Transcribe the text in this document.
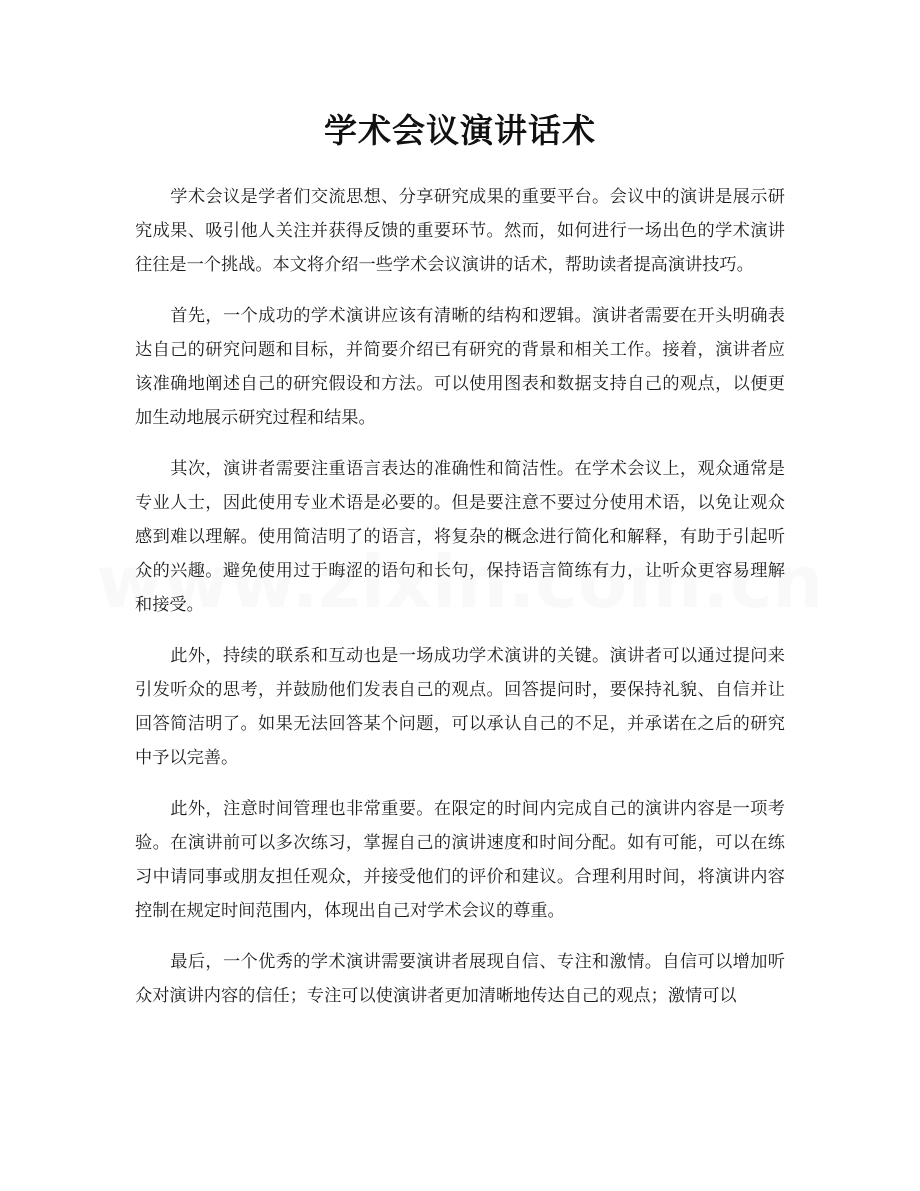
学术会议演讲话术

学术会议是学者们交流思想、分享研究成果的重要平台。会议中的演讲是展示研究成果、吸引他人关注并获得反馈的重要环节。然而，如何进行一场出色的学术演讲往往是一个挑战。本文将介绍一些学术会议演讲的话术，帮助读者提高演讲技巧。

首先，一个成功的学术演讲应该有清晰的结构和逻辑。演讲者需要在开头明确表达自己的研究问题和目标，并简要介绍已有研究的背景和相关工作。接着，演讲者应该准确地阐述自己的研究假设和方法。可以使用图表和数据支持自己的观点，以便更加生动地展示研究过程和结果。

其次，演讲者需要注重语言表达的准确性和简洁性。在学术会议上，观众通常是专业人士，因此使用专业术语是必要的。但是要注意不要过分使用术语，以免让观众感到难以理解。使用简洁明了的语言，将复杂的概念进行简化和解释，有助于引起听众的兴趣。避免使用过于晦涩的语句和长句，保持语言简练有力，让听众更容易理解和接受。

此外，持续的联系和互动也是一场成功学术演讲的关键。演讲者可以通过提问来引发听众的思考，并鼓励他们发表自己的观点。回答提问时，要保持礼貌、自信并让回答简洁明了。如果无法回答某个问题，可以承认自己的不足，并承诺在之后的研究中予以完善。

此外，注意时间管理也非常重要。在限定的时间内完成自己的演讲内容是一项考验。在演讲前可以多次练习，掌握自己的演讲速度和时间分配。如有可能，可以在练习中请同事或朋友担任观众，并接受他们的评价和建议。合理利用时间，将演讲内容控制在规定时间范围内，体现出自己对学术会议的尊重。

最后，一个优秀的学术演讲需要演讲者展现自信、专注和激情。自信可以增加听众对演讲内容的信任；专注可以使演讲者更加清晰地传达自己的观点；激情可以
